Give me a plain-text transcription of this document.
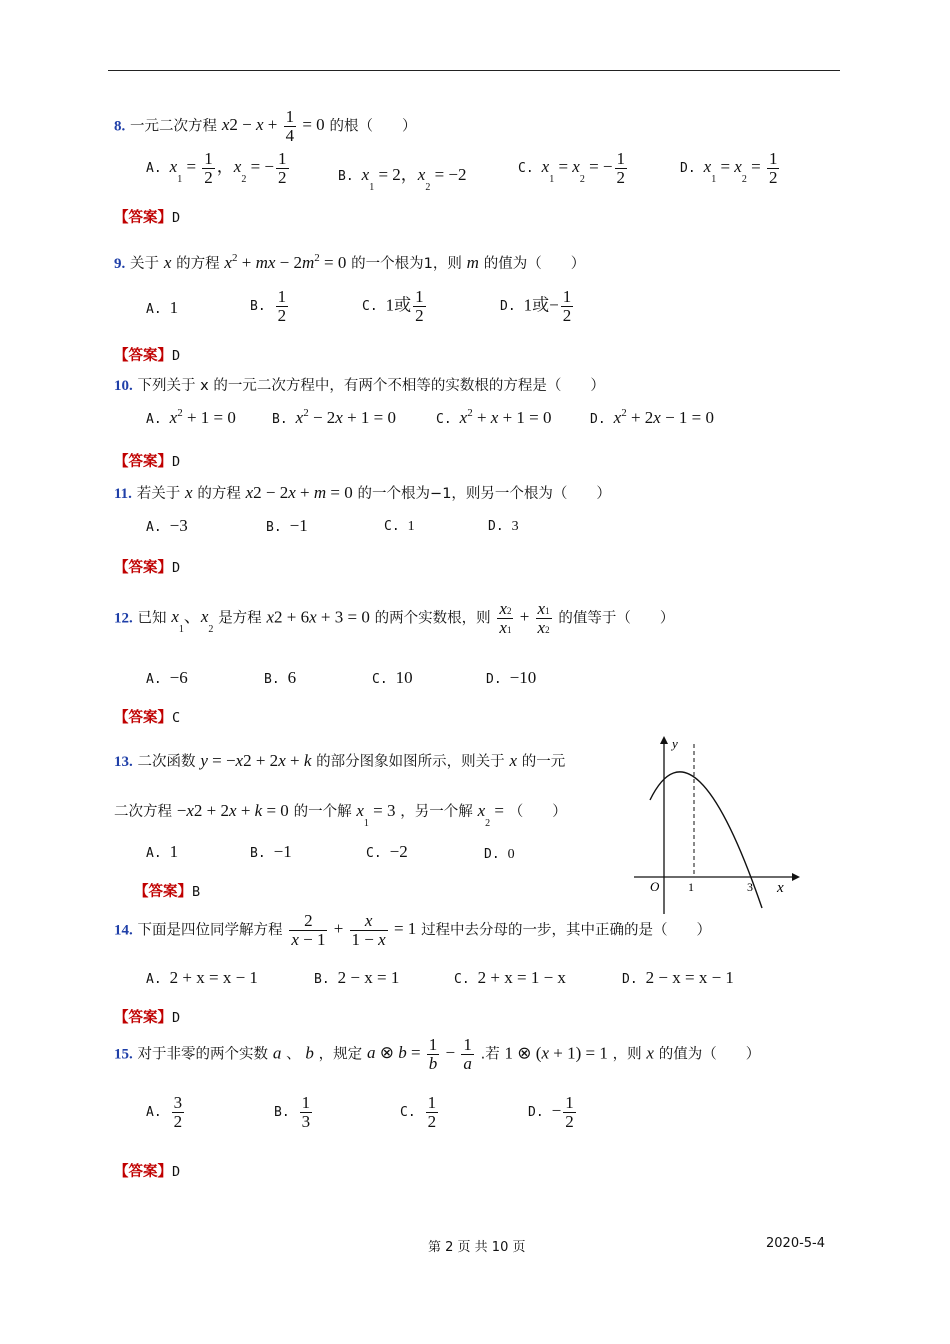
8. 一元二次方程 $x2 - x + \frac{1}{4} = 0$ 的根（　　）
A. $x_1 = \frac{1}{2}$ ，$x_2$ = − $\frac{1}{2}$	B. $x_1 = 2$，$x_2 = -2$	C. $x_1 = x_2$ = − $\frac{1}{2}$	D. $x_1 = x_2 = \frac{1}{2}$
【答案】D
9. 关于 x 的方程 $x^2$ + mx − $2m^2 = 0$ 的一个根为1，则 m 的值为（　　）
A. 1	B. $\frac{1}{2}$	C. 1或 $\frac{1}{2}$	D. 1或− $\frac{1}{2}$
【答案】D
10. 下列关于 x 的一元二次方程中，有两个不相等的实数根的方程是（　　）
A. $x^2 + 1 = 0$	B. $x^2 - 2x + 1 = 0$	C. $x^2 + x + 1 = 0$	D. $x^2 + 2x - 1 = 0$
【答案】D
11. 若关于 x 的方程 x2 − 2x + m = 0 的一个根为−1，则另一个根为（　　）
A. −3	B. −1	C. 1	D. 3
【答案】D
12. 已知 $x_1$、$x_2$ 是方程 x2 + 6x + 3 = 0 的两个实数根，则 $\frac{x2}{x1} + \frac{x1}{x2}$ 的值等于（　　）
A. −6	B. 6	C. 10	D. −10
【答案】C
13. 二次函数 y = −x2 + 2x + k 的部分图象如图所示，则关于 x 的一元
二次方程 −x2 + 2x + k = 0 的一个解 $x_1 = 3$ ，另一个解 $x_2$ = （　　）
A. 1	B. −1	C. −2	D. 0
【答案】B
y
x
O 1	3
14. 下面是四位同学解方程 $\frac{2}{x - 1} + \frac{x}{1 - x} = 1$ 过程中去分母的一步，其中正确的是（　　）
A. 2 + x = x − 1	B. 2 − x = 1	C. 2 + x = 1 − x	D. 2 − x = x − 1
【答案】D
15. 对于非零的两个实数 a 、 b ，规定 a ⊗ $b = \frac{1}{b} - \frac{1}{a}$ .若 1 ⊗ (x + 1) = 1 ，则 x 的值为（　　）
A. $\frac{3}{2}$	B. $\frac{1}{3}$	C. $\frac{1}{2}$	D. − $\frac{1}{2}$
【答案】D
第 2 页 共 10 页	2020-5-4
